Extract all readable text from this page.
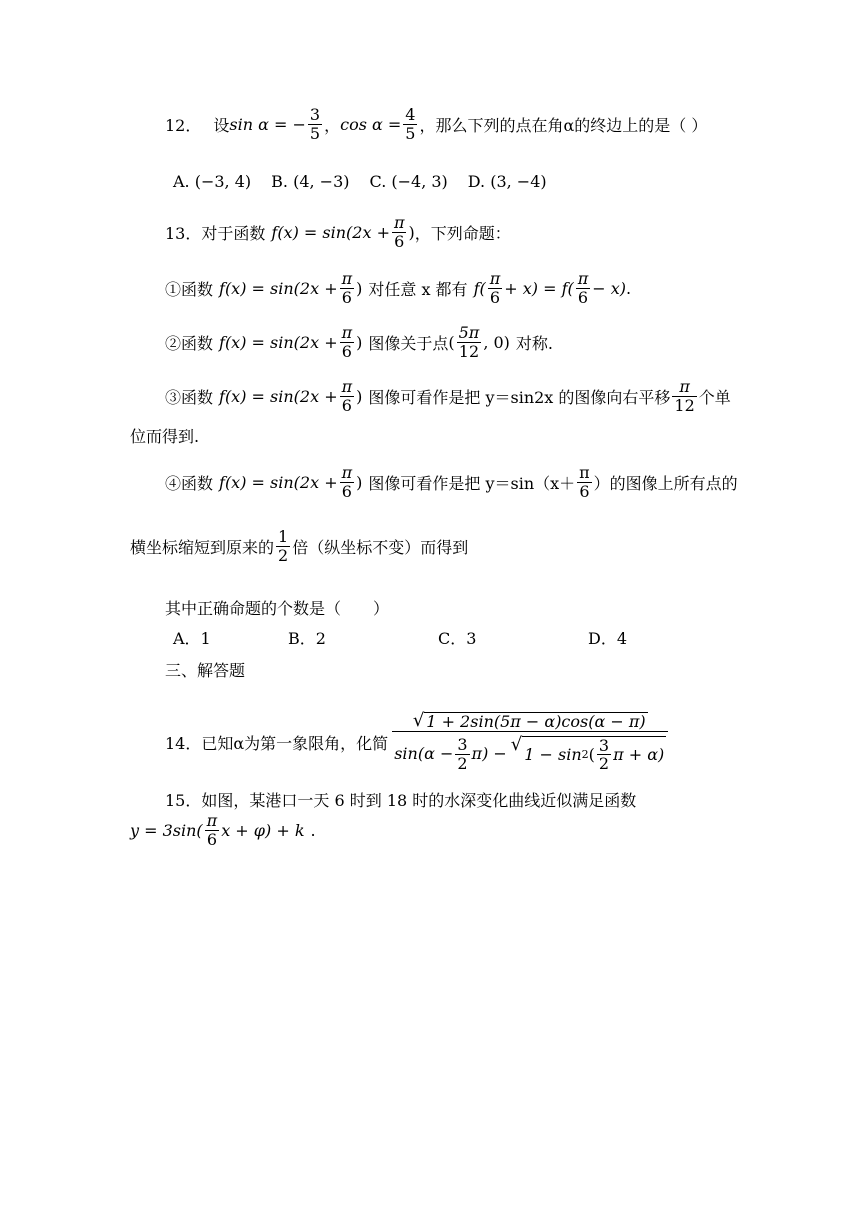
12． 设 sin α = − $\frac{3}{5}$ ， $\cos \alpha = \frac{4}{5}$ ，那么下列的点在角α的终边上的是（ ）
A. (−3, 4) B. (4, −3) C. (−4, 3) D. (3, −4)
13． 对于函数 $f(x) = \sin(2x + \frac{\pi}{6}$ ) ，下列命题：
①函数 $f(x) = \sin(2x + \frac{\pi}{6}$ ) 对任意 x 都有 $f( \frac{\pi}{6} + x) = f( \frac{\pi}{6} - x)$ .
②函数 $f(x) = \sin(2x + \frac{\pi}{6}$ ) 图像关于点 ( $\frac{5\pi}{12}$ , 0) 对称.
③函数 $f(x) = \sin(2x + \frac{\pi}{6}$ ) 图像可看作是把 y＝sin2x 的图像向右平移 $\frac{\pi}{12}$ 个单
位而得到.
④函数 $f(x) = \sin(2x + \frac{\pi}{6}$ ) 图像可看作是把 $y=\sin(x+ \frac{\pi}{6}$ ）的图像上所有点的
横坐标缩短到原来的 $\frac{1}{2}$ 倍（纵坐标不变）而得到
其中正确命题的个数是（　　）
A．1	B．2	C．3	D．4
三、解答题
14． 已知α为第一象限角，化简
√ 1 + 2sin(5π − α)cos(α − π)
$\sin(\alpha - \frac{3}{2} \pi)$ − √ 1 − sin 2 ( $\frac{3}{2}$ π + α)
15． 如图，某港口一天 6 时到 18 时的水深变化曲线近似满足函数
$y = 3\sin( \frac{\pi}{6}$ x + φ) + k .
